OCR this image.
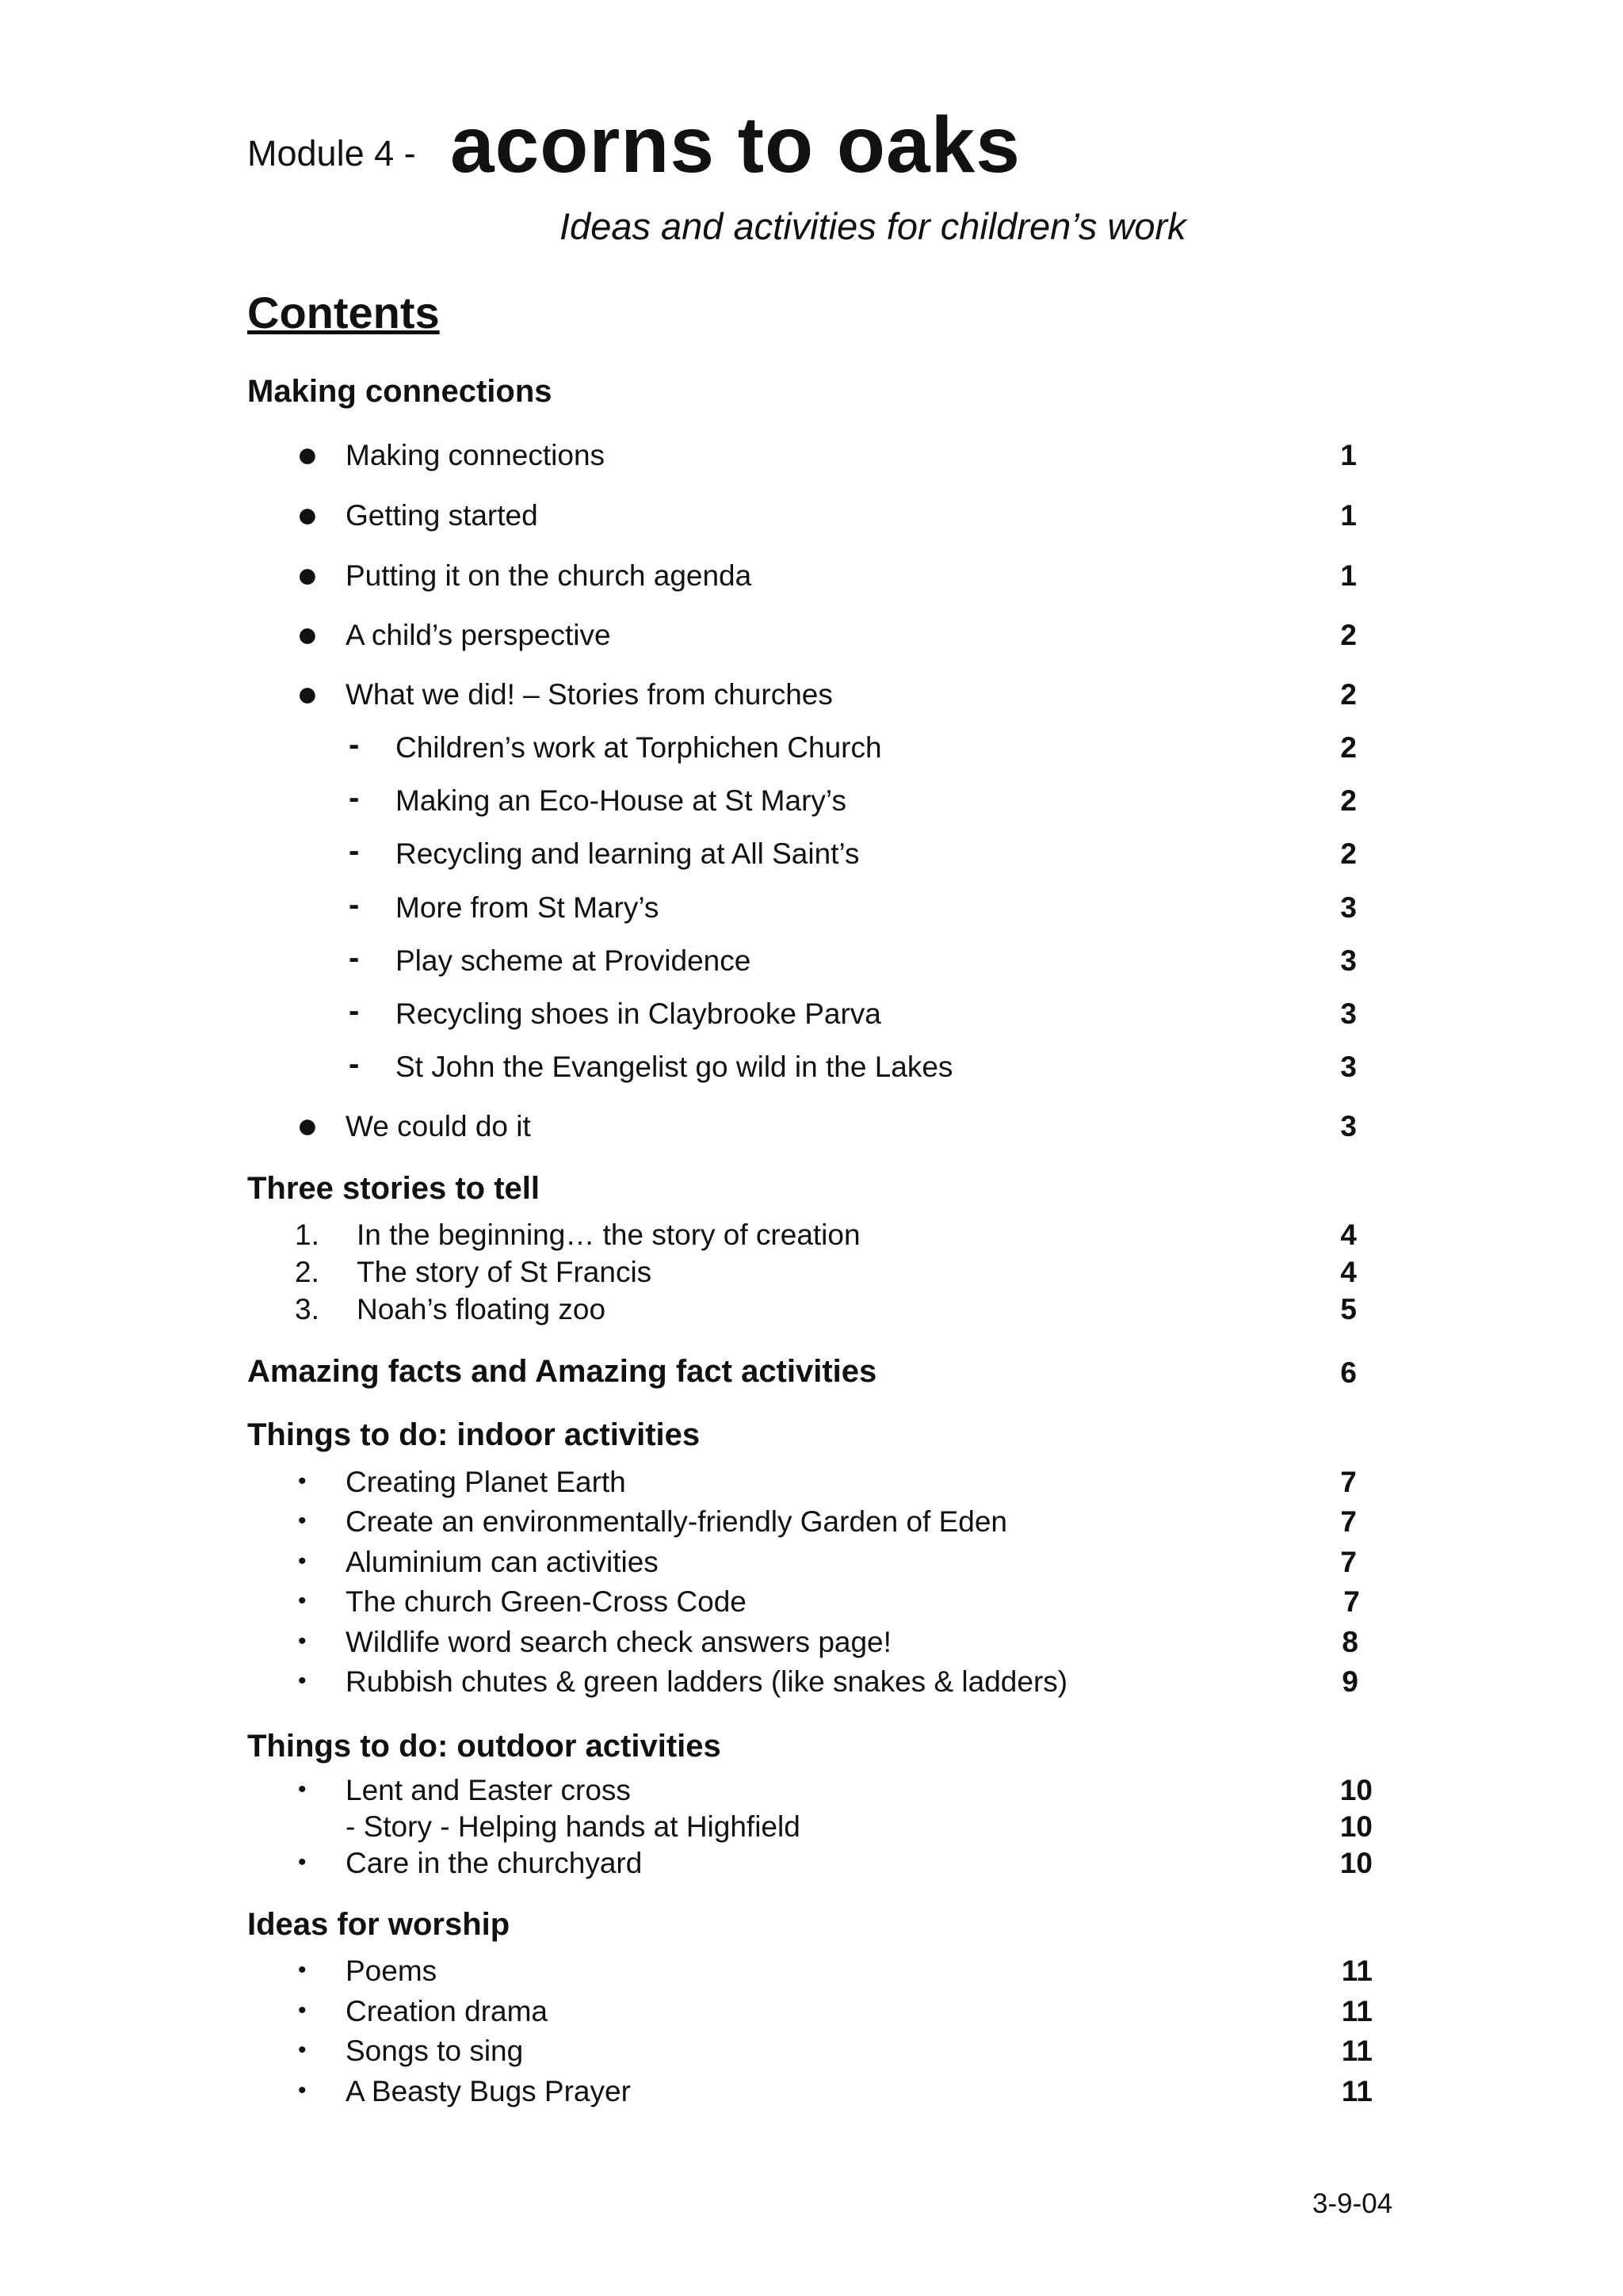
Module 4 - acorns to oaks
Ideas and activities for children’s work
Contents
Making connections
● Making connections	1
● Getting started	1
● Putting it on the church agenda	1
● A child’s perspective	2
● What we did! – Stories from churches	2
- Children’s work at Torphichen Church	2
- Making an Eco-House at St Mary’s	2
- Recycling and learning at All Saint’s	2
- More from St Mary’s	3
- Play scheme at Providence	3
- Recycling shoes in Claybrooke Parva	3
- St John the Evangelist go wild in the Lakes	3
● We could do it	3
Three stories to tell
1. In the beginning… the story of creation	4
2. The story of St Francis	4
3. Noah’s floating zoo	5
Amazing facts and Amazing fact activities	6
Things to do: indoor activities
• Creating Planet Earth	7
• Create an environmentally-friendly Garden of Eden	7
• Aluminium can activities	7
• The church Green-Cross Code	7
• Wildlife word search check answers page!	8
• Rubbish chutes & green ladders (like snakes & ladders)	9
Things to do: outdoor activities
• Lent and Easter cross	10
- Story - Helping hands at Highfield	10
• Care in the churchyard	10
Ideas for worship
• Poems	11
• Creation drama	11
• Songs to sing	11
• A Beasty Bugs Prayer	11
3-9-04
